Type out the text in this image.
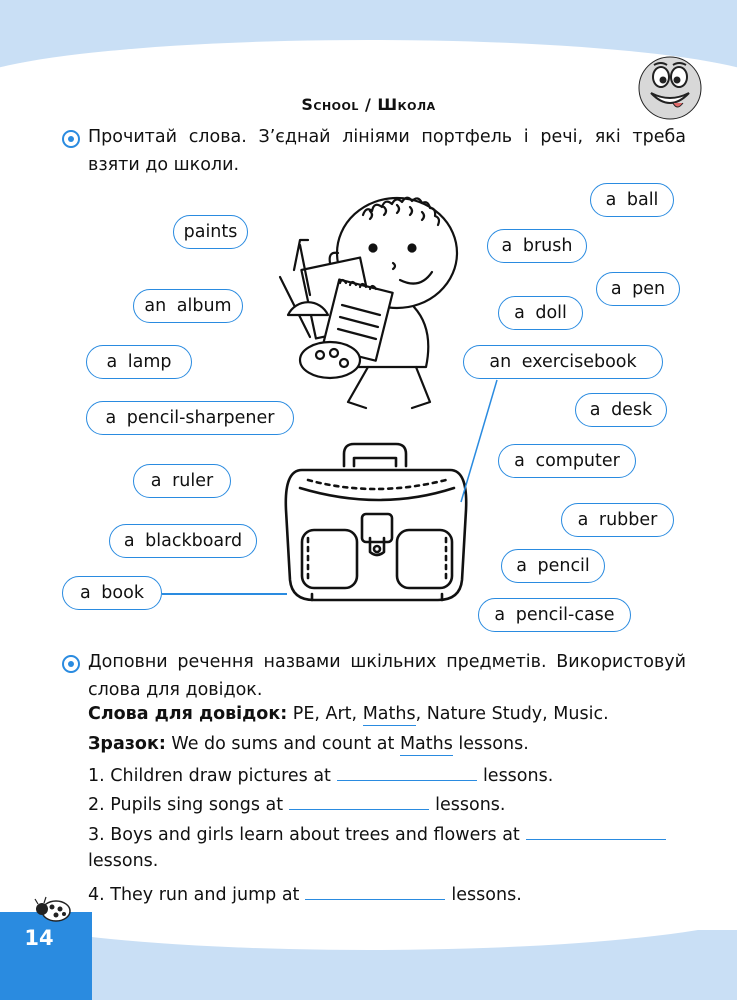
School / Школа
Прочитай слова. З’єднай лініями портфель і речі, які треба взяти до школи.
paints
an album
a lamp
a pencil-sharpener
a ruler
a blackboard
a book
a ball
a brush
a pen
a doll
an exercisebook
a desk
a computer
a rubber
a pencil
a pencil-case
Доповни речення назвами шкільних предметів. Використовуй слова для довідок.
Слова для довідок: PE, Art, Maths, Nature Study, Music.
Зразок: We do sums and count at Maths lessons.
1. Children draw pictures at	lessons.
2. Pupils sing songs at	lessons.
3. Boys and girls learn about trees and flowers at
lessons.
4. They run and jump at	lessons.
14
